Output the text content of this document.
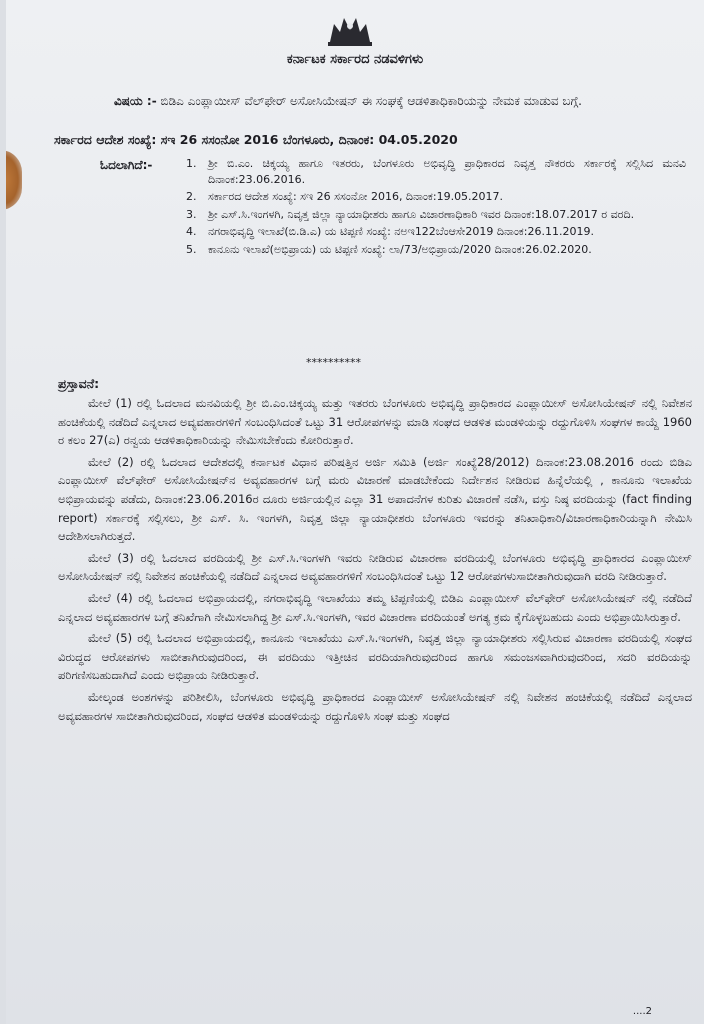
ಕರ್ನಾಟಕ ಸರ್ಕಾರದ ನಡವಳಿಗಳು
ವಿಷಯ :- ಬಿಡಿಎ ಎಂಪ್ಲಾಯೀಸ್ ವೆಲ್‌ಫೇರ್ ಅಸೋಸಿಯೇಷನ್ ಈ ಸಂಘಕ್ಕೆ ಆಡಳಿತಾಧಿಕಾರಿಯನ್ನು ನೇಮಕ ಮಾಡುವ ಬಗ್ಗೆ.
ಸರ್ಕಾರದ ಆದೇಶ ಸಂಖ್ಯೆ: ಸಇ 26 ಸಸಂನೋ 2016 ಬೆಂಗಳೂರು, ದಿನಾಂಕ: 04.05.2020
ಓದಲಾಗಿದೆ:-	1.	ಶ್ರೀ ಬಿ.ಎಂ. ಚಿಕ್ಕಯ್ಯ ಹಾಗೂ ಇತರರು, ಬೆಂಗಳೂರು ಅಭಿವೃದ್ಧಿ ಪ್ರಾಧಿಕಾರದ ನಿವೃತ್ತ ನೌಕರರು ಸರ್ಕಾರಕ್ಕೆ ಸಲ್ಲಿಸಿದ ಮನವಿ ದಿನಾಂಕ:23.06.2016.
2.	ಸರ್ಕಾರದ ಆದೇಶ ಸಂಖ್ಯೆ: ಸಇ 26 ಸಸಂನೋ 2016, ದಿನಾಂಕ:19.05.2017.
3.	ಶ್ರೀ ಎಸ್.ಸಿ.ಇಂಗಳಗಿ, ನಿವೃತ್ತ ಜಿಲ್ಲಾ ನ್ಯಾಯಾಧೀಶರು ಹಾಗೂ ವಿಚಾರಣಾಧಿಕಾರಿ ಇವರ ದಿನಾಂಕ:18.07.2017 ರ ವರದಿ.
4.	ನಗರಾಭಿವೃದ್ಧಿ ಇಲಾಖೆ(ಬಿ.ಡಿ.ಎ) ಯ ಟಿಪ್ಪಣಿ ಸಂಖ್ಯೆ: ನಅಇ122ಬೆಂಆಸೇ2019 ದಿನಾಂಕ:26.11.2019.
5.	ಕಾನೂನು ಇಲಾಖೆ(ಅಭಿಪ್ರಾಯ) ಯ ಟಿಪ್ಪಣಿ ಸಂಖ್ಯೆ: ಲಾ/73/ಅಭಿಪ್ರಾಯ/2020 ದಿನಾಂಕ:26.02.2020.
**********
ಪ್ರಸ್ತಾವನೆ:

ಮೇಲೆ (1) ರಲ್ಲಿ ಓದಲಾದ ಮನವಿಯಲ್ಲಿ ಶ್ರೀ ಬಿ.ಎಂ.ಚಿಕ್ಕಯ್ಯ ಮತ್ತು ಇತರರು ಬೆಂಗಳೂರು ಅಭಿವೃದ್ಧಿ ಪ್ರಾಧಿಕಾರದ ಎಂಪ್ಲಾಯೀಸ್ ಅಸೋಸಿಯೇಷನ್ ನಲ್ಲಿ ನಿವೇಶನ ಹಂಚಿಕೆಯಲ್ಲಿ ನಡೆದಿದೆ ಎನ್ನಲಾದ ಅವ್ಯವಹಾರಗಳಿಗೆ ಸಂಬಂಧಿಸಿದಂತೆ ಒಟ್ಟು 31 ಆರೋಪಗಳನ್ನು ಮಾಡಿ ಸಂಘದ ಆಡಳಿತ ಮಂಡಳಿಯನ್ನು ರದ್ದುಗೊಳಿಸಿ ಸಂಘಗಳ ಕಾಯ್ದೆ 1960 ರ ಕಲಂ 27(ಎ) ರನ್ವಯ ಆಡಳಿತಾಧಿಕಾರಿಯನ್ನು ನೇಮಿಸಬೇಕೆಂದು ಕೋರಿರುತ್ತಾರೆ.

ಮೇಲೆ (2) ರಲ್ಲಿ ಓದಲಾದ ಆದೇಶದಲ್ಲಿ ಕರ್ನಾಟಕ ವಿಧಾನ ಪರಿಷತ್ತಿನ ಅರ್ಜಿ ಸಮಿತಿ (ಅರ್ಜಿ ಸಂಖ್ಯೆ28/2012) ದಿನಾಂಕ:23.08.2016 ರಂದು ಬಿಡಿಎ ಎಂಪ್ಲಾಯೀಸ್ ವೆಲ್‌ಫೇರ್ ಅಸೋಸಿಯೇಷನ್‌ನ ಅವ್ಯವಹಾರಗಳ ಬಗ್ಗೆ ಮರು ವಿಚಾರಣೆ ಮಾಡಬೇಕೆಂದು ನಿರ್ದೇಶನ ನೀಡಿರುವ ಹಿನ್ನೆಲೆಯಲ್ಲಿ , ಕಾನೂನು ಇಲಾಖೆಯ ಅಭಿಪ್ರಾಯವನ್ನು ಪಡೆದು, ದಿನಾಂಕ:23.06.2016ರ ದೂರು ಅರ್ಜಿಯಲ್ಲಿನ ಎಲ್ಲಾ 31 ಅಪಾದನೆಗಳ ಕುರಿತು ವಿಚಾರಣೆ ನಡೆಸಿ, ವಸ್ತು ನಿಷ್ಠ ವರದಿಯನ್ನು (fact finding report) ಸರ್ಕಾರಕ್ಕೆ ಸಲ್ಲಿಸಲು, ಶ್ರೀ ಎಸ್. ಸಿ. ಇಂಗಳಗಿ, ನಿವೃತ್ತ ಜಿಲ್ಲಾ ನ್ಯಾಯಾಧೀಶರು ಬೆಂಗಳೂರು ಇವರನ್ನು ತನಿಖಾಧಿಕಾರಿ/ವಿಚಾರಣಾಧಿಕಾರಿಯನ್ನಾಗಿ ನೇಮಿಸಿ ಆದೇಶಿಸಲಾಗಿರುತ್ತದೆ.

ಮೇಲೆ (3) ರಲ್ಲಿ ಓದಲಾದ ವರದಿಯಲ್ಲಿ ಶ್ರೀ ಎಸ್.ಸಿ.ಇಂಗಳಗಿ ಇವರು ನೀಡಿರುವ ವಿಚಾರಣಾ ವರದಿಯಲ್ಲಿ ಬೆಂಗಳೂರು ಅಭಿವೃದ್ಧಿ ಪ್ರಾಧಿಕಾರದ ಎಂಪ್ಲಾಯೀಸ್ ಅಸೋಸಿಯೇಷನ್ ನಲ್ಲಿ ನಿವೇಶನ ಹಂಚಿಕೆಯಲ್ಲಿ ನಡೆದಿದೆ ಎನ್ನಲಾದ ಅವ್ಯವಹಾರಗಳಿಗೆ ಸಂಬಂಧಿಸಿದಂತೆ ಒಟ್ಟು 12 ಆರೋಪಗಳುಸಾಬೀತಾಗಿರುವುದಾಗಿ ವರದಿ ನೀಡಿರುತ್ತಾರೆ.

ಮೇಲೆ (4) ರಲ್ಲಿ ಓದಲಾದ ಅಭಿಪ್ರಾಯದಲ್ಲಿ, ನಗರಾಭಿವೃದ್ಧಿ ಇಲಾಖೆಯು ತಮ್ಮ ಟಿಪ್ಪಣಿಯಲ್ಲಿ ಬಿಡಿಎ ಎಂಪ್ಲಾಯೀಸ್ ವೆಲ್‌ಫೇರ್ ಅಸೋಸಿಯೇಷನ್ ನಲ್ಲಿ ನಡೆದಿದೆ ಎನ್ನಲಾದ ಅವ್ಯವಹಾರಗಳ ಬಗ್ಗೆ ತನಿಖೆಗಾಗಿ ನೇಮಿಸಲಾಗಿದ್ದ ಶ್ರೀ ಎಸ್.ಸಿ.ಇಂಗಳಗಿ, ಇವರ ವಿಚಾರಣಾ ವರದಿಯಂತೆ ಅಗತ್ಯ ಕ್ರಮ ಕೈಗೊಳ್ಳಬಹುದು ಎಂದು ಅಭಿಪ್ರಾಯಿಸಿರುತ್ತಾರೆ.

ಮೇಲೆ (5) ರಲ್ಲಿ ಓದಲಾದ ಅಭಿಪ್ರಾಯದಲ್ಲಿ, ಕಾನೂನು ಇಲಾಖೆಯು ಎಸ್.ಸಿ.ಇಂಗಳಗಿ, ನಿವೃತ್ತ ಜಿಲ್ಲಾ ನ್ಯಾಯಾಧೀಶರು ಸಲ್ಲಿಸಿರುವ ವಿಚಾರಣಾ ವರದಿಯಲ್ಲಿ ಸಂಘದ ವಿರುದ್ಧದ ಆರೋಪಗಳು ಸಾಬೀತಾಗಿರುವುದರಿಂದ, ಈ ವರದಿಯು ಇತ್ತೀಚಿನ ವರದಿಯಾಗಿರುವುದರಿಂದ ಹಾಗೂ ಸಮಂಜಸವಾಗಿರುವುದರಿಂದ, ಸದರಿ ವರದಿಯನ್ನು ಪರಿಗಣಿಸಬಹುದಾಗಿದೆ ಎಂದು ಅಭಿಪ್ರಾಯ ನೀಡಿರುತ್ತಾರೆ.

ಮೇಲ್ಕಂಡ ಅಂಶಗಳನ್ನು ಪರಿಶೀಲಿಸಿ, ಬೆಂಗಳೂರು ಅಭಿವೃದ್ಧಿ ಪ್ರಾಧಿಕಾರದ ಎಂಪ್ಲಾಯೀಸ್ ಅಸೋಸಿಯೇಷನ್ ನಲ್ಲಿ ನಿವೇಶನ ಹಂಚಿಕೆಯಲ್ಲಿ ನಡೆದಿದೆ ಎನ್ನಲಾದ ಅವ್ಯವಹಾರಗಳ ಸಾಬೀತಾಗಿರುವುದರಿಂದ, ಸಂಘದ ಆಡಳಿತ ಮಂಡಳಿಯನ್ನು ರದ್ದುಗೊಳಿಸಿ ಸಂಘ ಮತ್ತು ಸಂಘದ

....2
